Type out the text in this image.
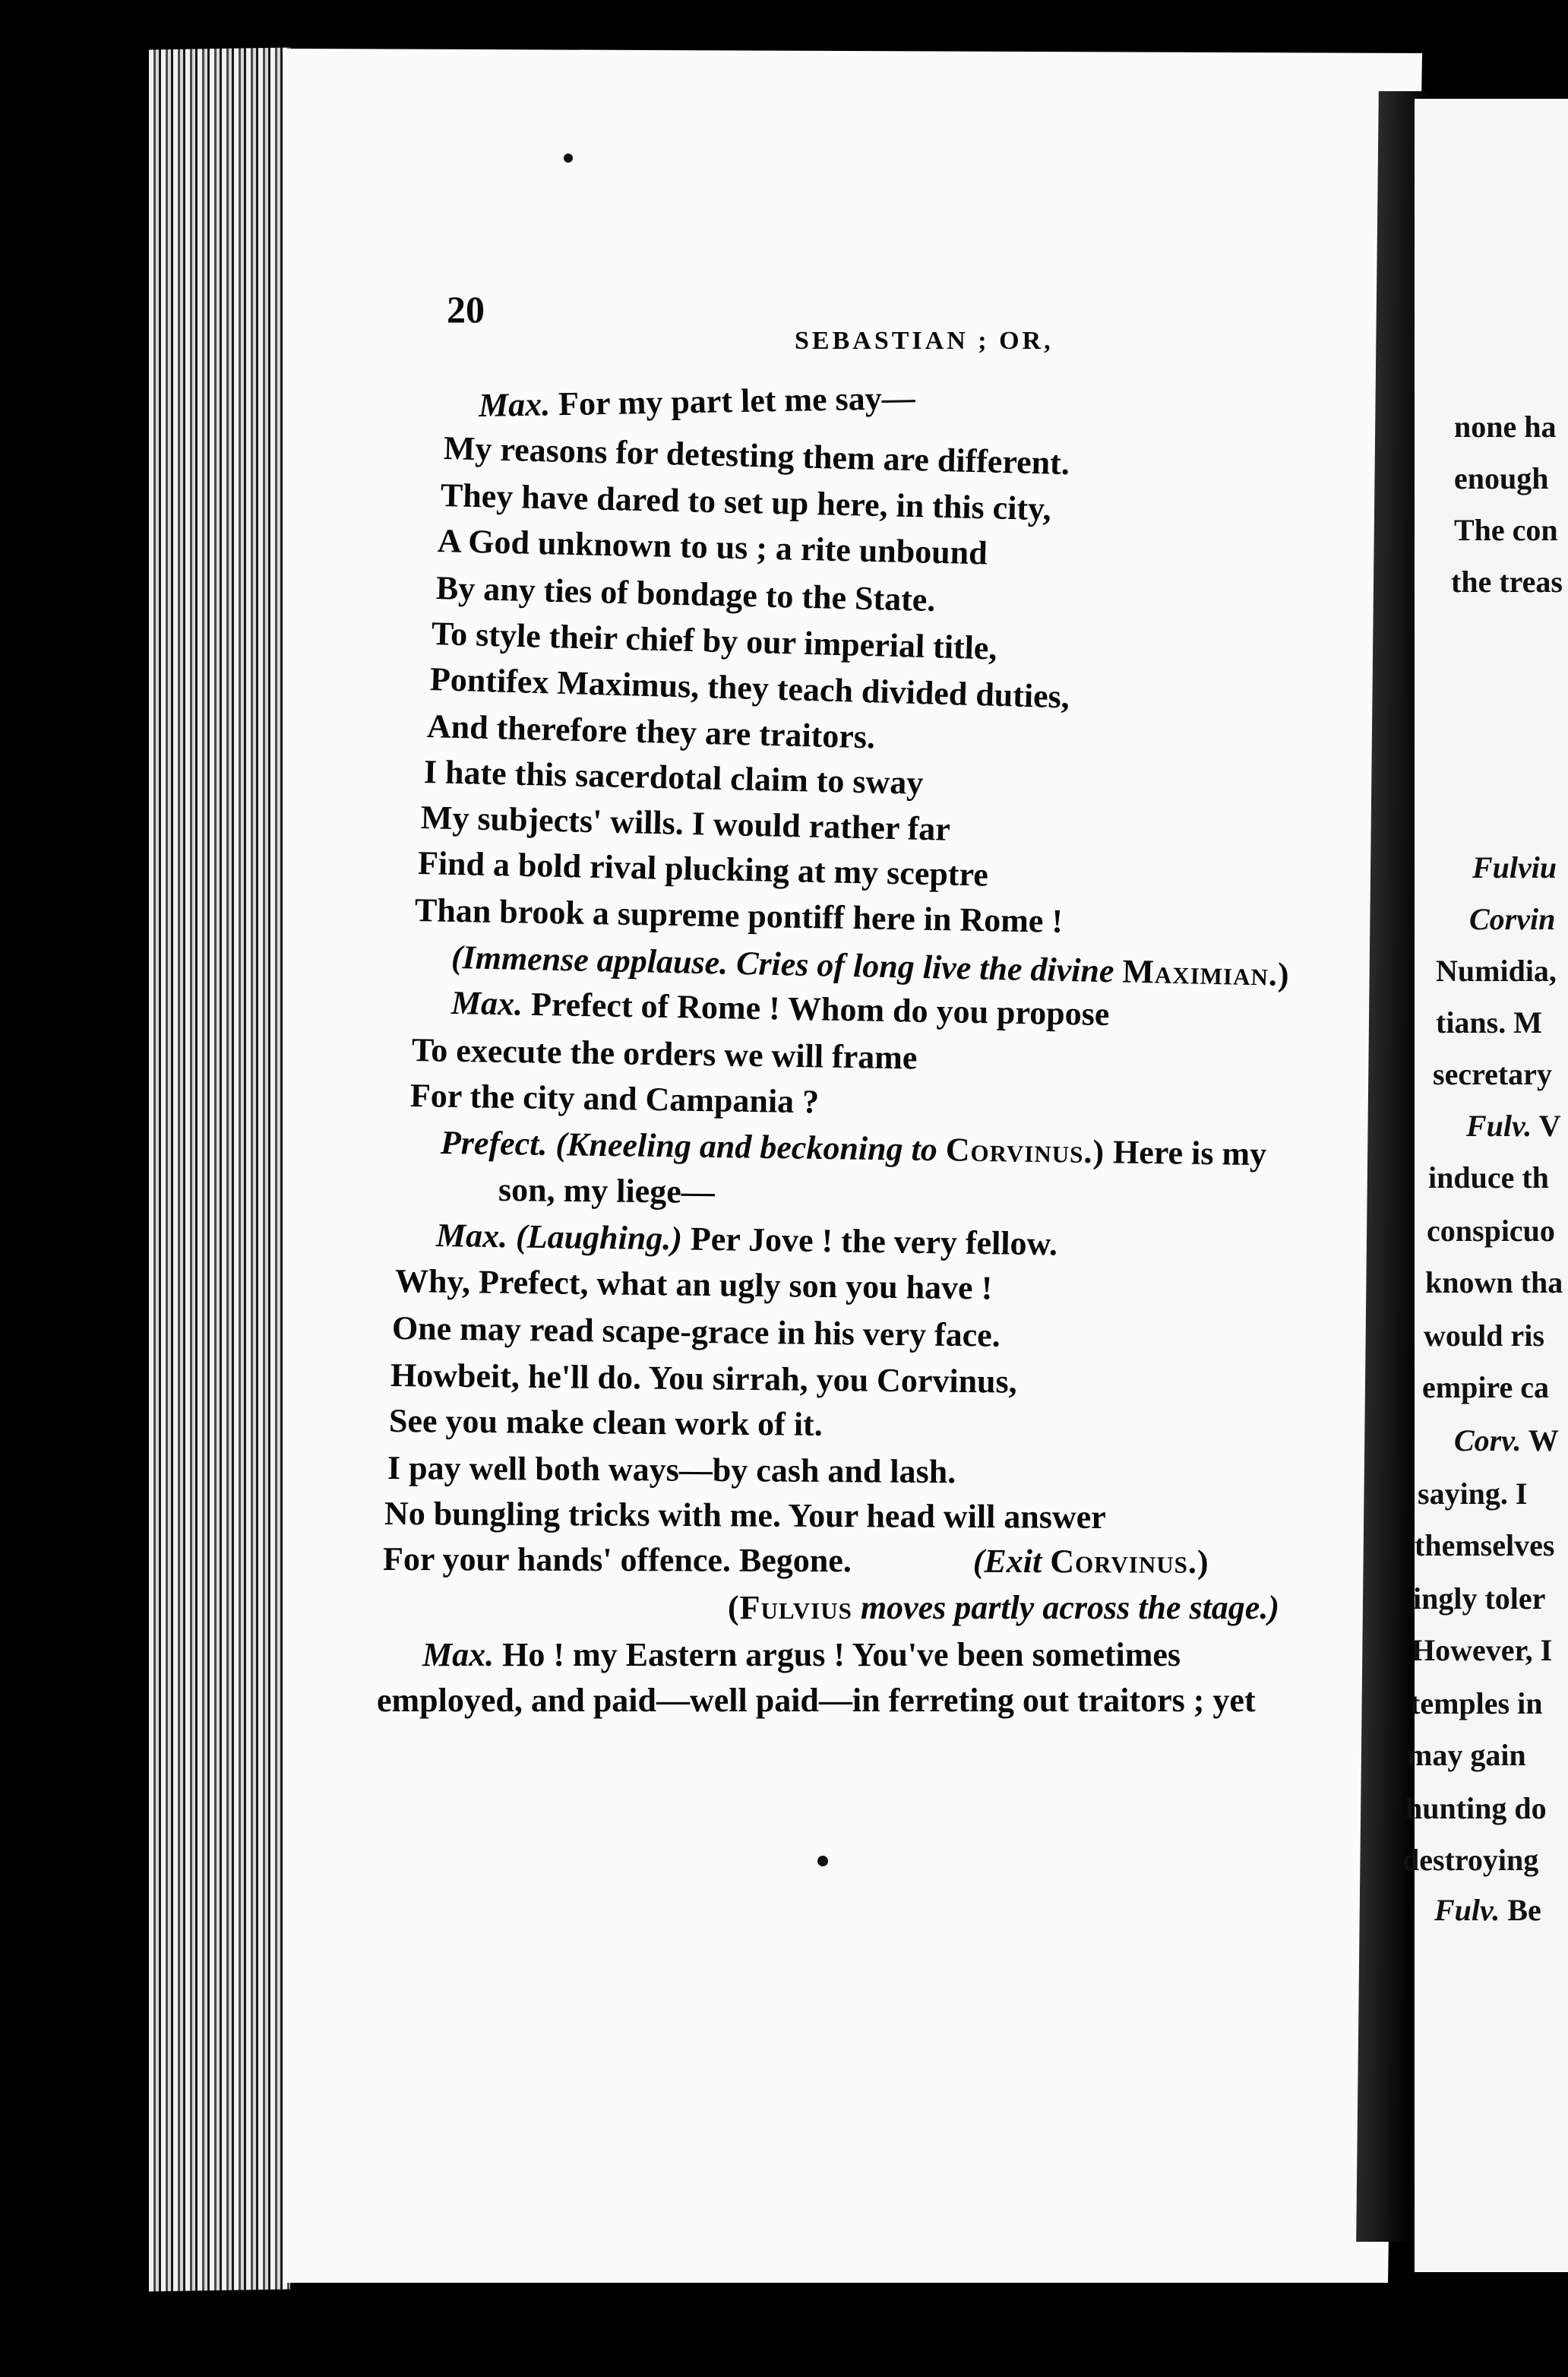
20
SEBASTIAN ; OR,
Max. For my part let me say—
My reasons for detesting them are different.
They have dared to set up here, in this city,
A God unknown to us ; a rite unbound
By any ties of bondage to the State.
To style their chief by our imperial title,
Pontifex Maximus, they teach divided duties,
And therefore they are traitors.
I hate this sacerdotal claim to sway
My subjects' wills. I would rather far
Find a bold rival plucking at my sceptre
Than brook a supreme pontiff here in Rome !
(Immense applause. Cries of long live the divine Maximian.)
Max. Prefect of Rome ! Whom do you propose
To execute the orders we will frame
For the city and Campania ?
Prefect. (Kneeling and beckoning to Corvinus.) Here is my
son, my liege—
Max. (Laughing.) Per Jove ! the very fellow.
Why, Prefect, what an ugly son you have !
One may read scape-grace in his very face.
Howbeit, he'll do. You sirrah, you Corvinus,
See you make clean work of it.
I pay well both ways—by cash and lash.
No bungling tricks with me. Your head will answer
For your hands' offence. Begone.	(Exit Corvinus.)
(Fulvius moves partly across the stage.)
Max. Ho ! my Eastern argus ! You've been sometimes
employed, and paid—well paid—in ferreting out traitors ; yet
none ha
enough
The con
the treas
Fulviu
Corvin
Numidia,
tians. M
secretary
Fulv. V
induce th
conspicuo
known tha
would ris
empire ca
Corv. W
saying. I
themselves
ingly toler
However, I
temples in
may gain
hunting do
destroying
Fulv. Be
